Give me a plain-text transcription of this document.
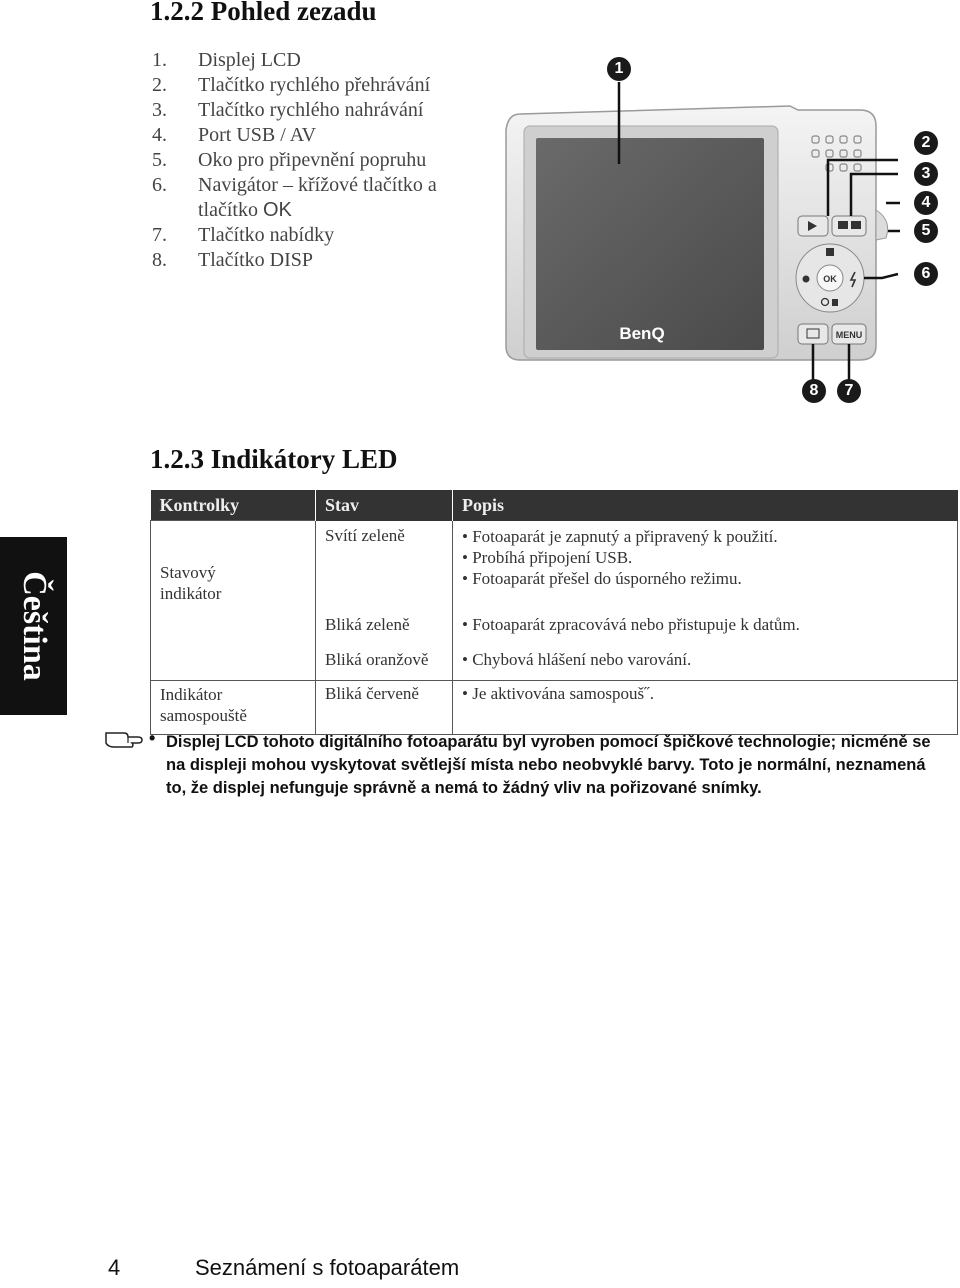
1.2.2 Pohled zezadu
1.	Displej LCD
2.	Tlačítko rychlého přehrávání
3.	Tlačítko rychlého nahrávání
4.	Port USB / AV
5.	Oko pro připevnění popruhu
6.	Navigátor – křížové tlačítko a
tlačítko OK
7.	Tlačítko nabídky
8.	Tlačítko DISP
BenQ
OK
MENU
1
2
3
4
5
6
7
8
1.2.3 Indikátory LED
Čeština
Kontrolky	Stav	Popis

Stavový
indikátor	Svítí zeleně	• Fotoaparát je zapnutý a připravený k použití.
• Probíhá připojení USB.
• Fotoaparát přešel do úsporného režimu.

	Bliká zeleně	• Fotoaparát zpracovává nebo přistupuje k datům.
	Bliká oranžově	• Chybová hlášení nebo varování.

Indikátor
samospouště	Bliká červeně	• Je aktivována samospouš˝.
• Displej LCD tohoto digitálního fotoaparátu byl vyroben pomocí špičkové technologie; nicméně se na displeji mohou vyskytovat světlejší místa nebo neobvyklé barvy. Toto je normální, neznamená to, že displej nefunguje správně a nemá to žádný vliv na pořizované snímky.
4	Seznámení s fotoaparátem
